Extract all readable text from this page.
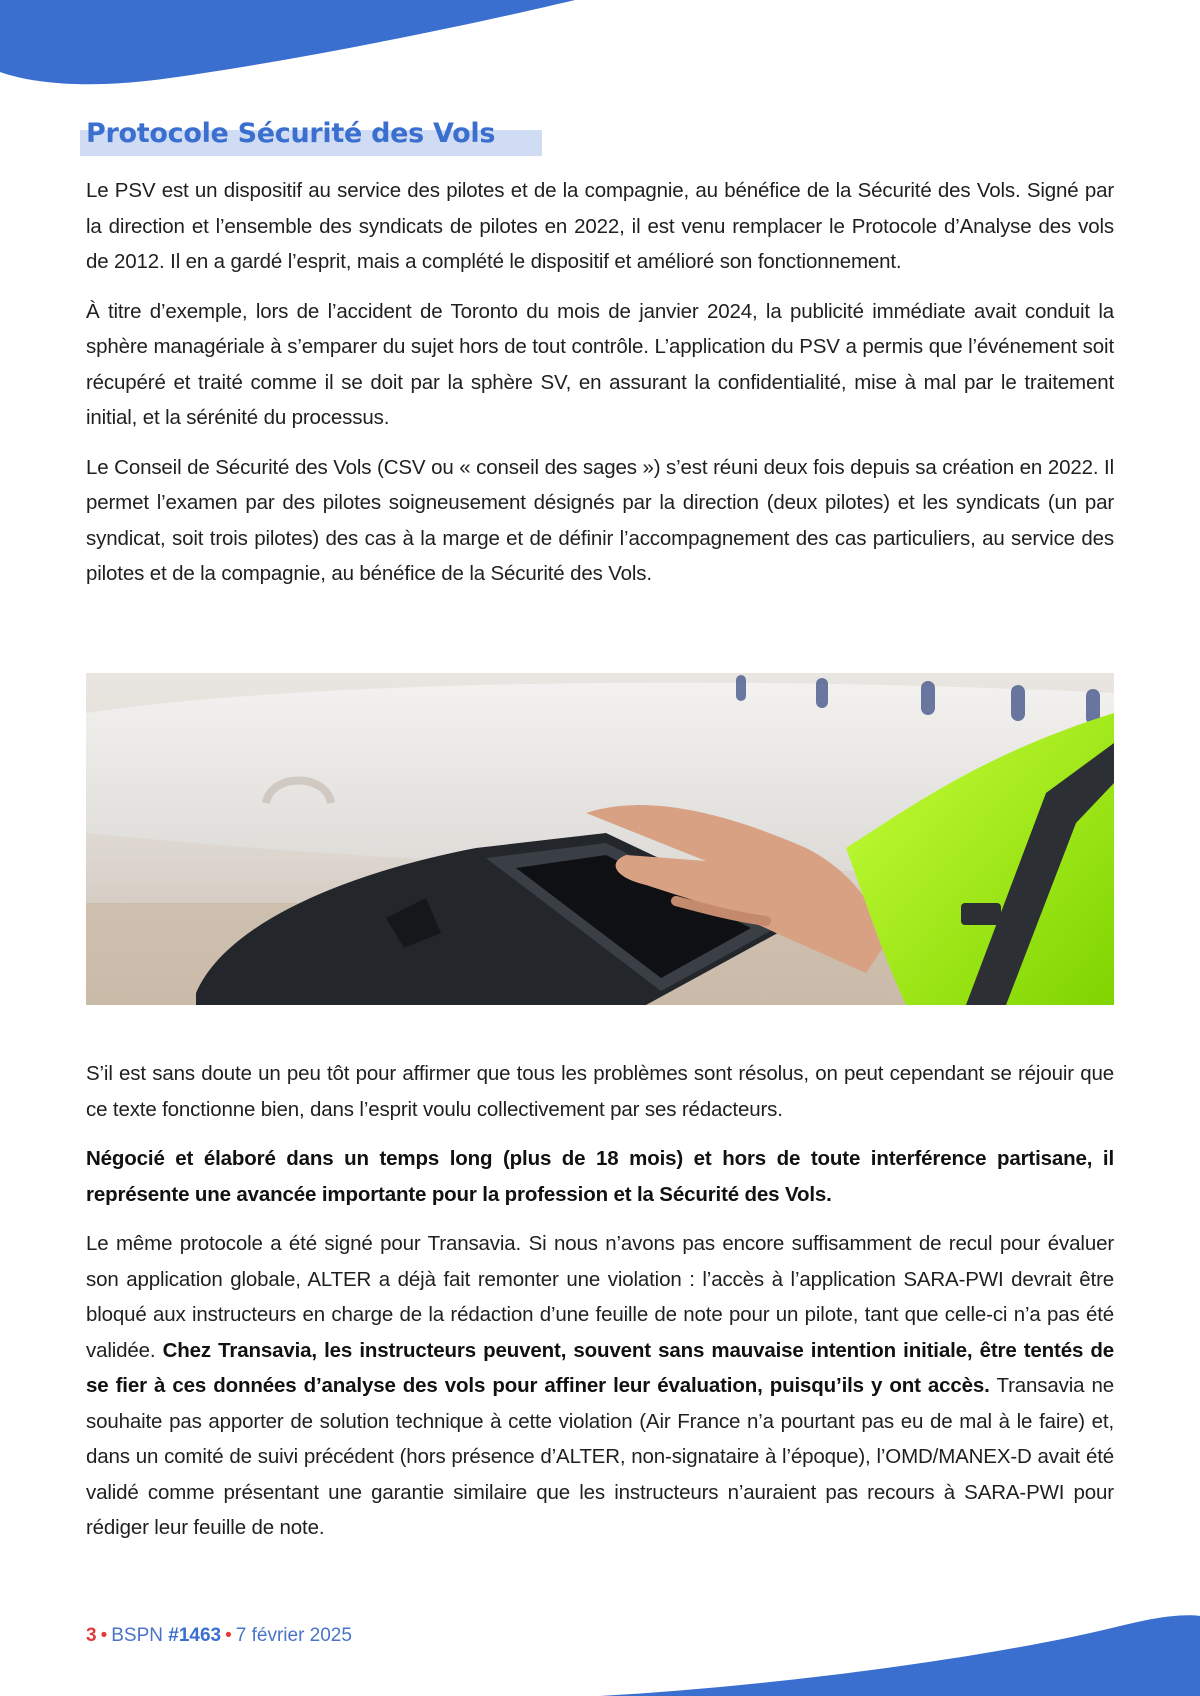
Protocole Sécurité des Vols

Le PSV est un dispositif au service des pilotes et de la compagnie, au bénéfice de la Sécurité des Vols. Signé par la direction et l’ensemble des syndicats de pilotes en 2022, il est venu remplacer le Protocole d’Analyse des vols de 2012. Il en a gardé l’esprit, mais a complété le dispositif et amélioré son fonctionnement.

À titre d’exemple, lors de l’accident de Toronto du mois de janvier 2024, la publicité immédiate avait conduit la sphère managériale à s’emparer du sujet hors de tout contrôle. L’application du PSV a permis que l’événement soit récupéré et traité comme il se doit par la sphère SV, en assurant la confidentialité, mise à mal par le traitement initial, et la sérénité du processus.

Le Conseil de Sécurité des Vols (CSV ou « conseil des sages ») s’est réuni deux fois depuis sa création en 2022. Il permet l’examen par des pilotes soigneusement désignés par la direction (deux pilotes) et les syndicats (un par syndicat, soit trois pilotes) des cas à la marge et de définir l’accompagnement des cas particuliers, au service des pilotes et de la compagnie, au bénéfice de la Sécurité des Vols.

S’il est sans doute un peu tôt pour affirmer que tous les problèmes sont résolus, on peut cependant se réjouir que ce texte fonctionne bien, dans l’esprit voulu collectivement par ses rédacteurs.

Négocié et élaboré dans un temps long (plus de 18 mois) et hors de toute interférence partisane, il représente une avancée importante pour la profession et la Sécurité des Vols.

Le même protocole a été signé pour Transavia. Si nous n’avons pas encore suffisamment de recul pour évaluer son application globale, ALTER a déjà fait remonter une violation : l’accès à l’application SARA-PWI devrait être bloqué aux instructeurs en charge de la rédaction d’une feuille de note pour un pilote, tant que celle-ci n’a pas été validée. Chez Transavia, les instructeurs peuvent, souvent sans mauvaise intention initiale, être tentés de se fier à ces données d’analyse des vols pour affiner leur évaluation, puisqu’ils y ont accès. Transavia ne souhaite pas apporter de solution technique à cette violation (Air France n’a pourtant pas eu de mal à le faire) et, dans un comité de suivi précédent (hors présence d’ALTER, non-signataire à l’époque), l’OMD/MANEX-D avait été validé comme présentant une garantie similaire que les instructeurs n’auraient pas recours à SARA-PWI pour rédiger leur feuille de note.

3 • BSPN #1463 • 7 février 2025
